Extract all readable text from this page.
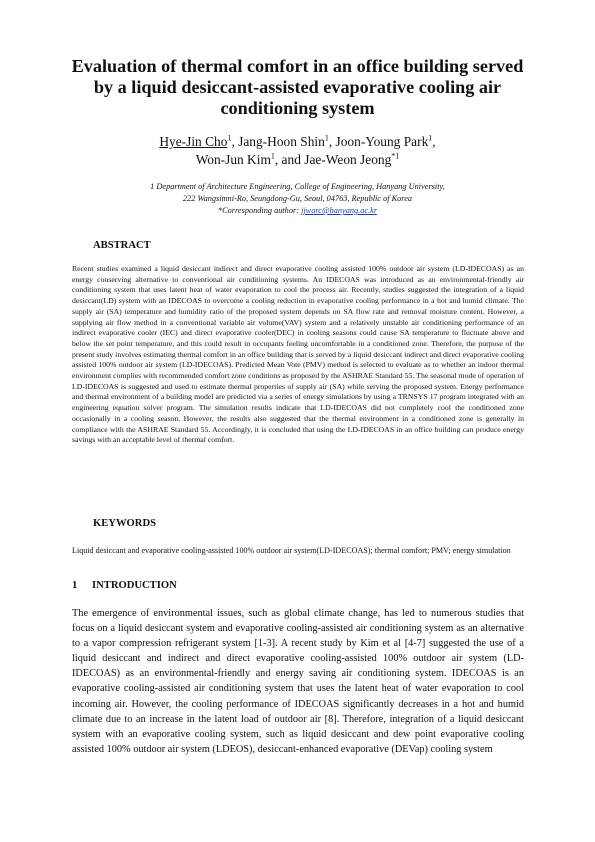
Evaluation of thermal comfort in an office building served by a liquid desiccant-assisted evaporative cooling air conditioning system
Hye-Jin Cho$^1$, Jang-Hoon Shin$^1$, Joon-Young Park$^1$,
Won-Jun Kim$^1$, and Jae-Weon Jeong$^{*1}$
1 Department of Architecture Engineering, College of Engineering, Hanyang University,
222 Wangsimni-Ro, Seungdong-Gu, Seoul, 04763, Republic of Korea
*Corresponding author: jjwarc@hanyang.ac.kr
ABSTRACT

Recent studies examined a liquid desiccant indirect and direct evaporative cooling assisted 100% outdoor air system (LD-IDECOAS) as an energy conserving alternative to conventional air conditioning systems. An IDECOAS was introduced as an environmental-friendly air conditioning system that uses latent heat of water evaporation to cool the process air. Recently, studies suggested the integration of a liquid desiccant(LD) system with an IDECOAS to overcome a cooling reduction in evaporative cooling performance in a hot and humid climate. The supply air (SA) temperature and humidity ratio of the proposed system depends on SA flow rate and removal moisture content. However, a supplying air flow method in a conventional variable air volume(VAV) system and a relatively unstable air conditioning performance of an indirect evaporative cooler (IEC) and direct evaporative cooler(DEC) in cooling seasons could cause SA temperature to fluctuate above and below the set point temperature, and this could result in occupants feeling uncomfortable in a conditioned zone. Therefore, the purpose of the present study involves estimating thermal comfort in an office building that is served by a liquid desiccant indirect and direct evaporative cooling assisted 100% outdoor air system (LD-IDECOAS). Predicted Mean Vote (PMV) method is selected to evaluate as to whether an indoor thermal environment complies with recommended comfort zone conditions as proposed by the ASHRAE Standard 55. The seasonal mode of operation of LD-IDECOAS is suggested and used to estimate thermal properties of supply air (SA) while serving the proposed system. Energy performance and thermal environment of a building model are predicted via a series of energy simulations by using a TRNSYS 17 program integrated with an engineering equation solver program. The simulation results indicate that LD-IDECOAS did not completely cool the conditioned zone occasionally in a cooling season. However, the results also suggested that the thermal environment in a conditioned zone is generally in compliance with the ASHRAE Standard 55. Accordingly, it is concluded that using the LD-IDECOAS in an office building can produce energy savings with an acceptable level of thermal comfort.

KEYWORDS

Liquid desiccant and evaporative cooling-assisted 100% outdoor air system(LD-IDECOAS); thermal comfort; PMV; energy simulation

1 INTRODUCTION

The emergence of environmental issues, such as global climate change, has led to numerous studies that focus on a liquid desiccant system and evaporative cooling-assisted air conditioning system as an alternative to a vapor compression refrigerant system [1-3]. A recent study by Kim et al [4-7] suggested the use of a liquid desiccant and indirect and direct evaporative cooling-assisted 100% outdoor air system (LD-IDECOAS) as an environmental-friendly and energy saving air conditioning system. IDECOAS is an evaporative cooling-assisted air conditioning system that uses the latent heat of water evaporation to cool incoming air. However, the cooling performance of IDECOAS significantly decreases in a hot and humid climate due to an increase in the latent load of outdoor air [8]. Therefore, integration of a liquid desiccant system with an evaporative cooling system, such as liquid desiccant and dew point evaporative cooling assisted 100% outdoor air system (LDEOS), desiccant-enhanced evaporative (DEVap) cooling system
